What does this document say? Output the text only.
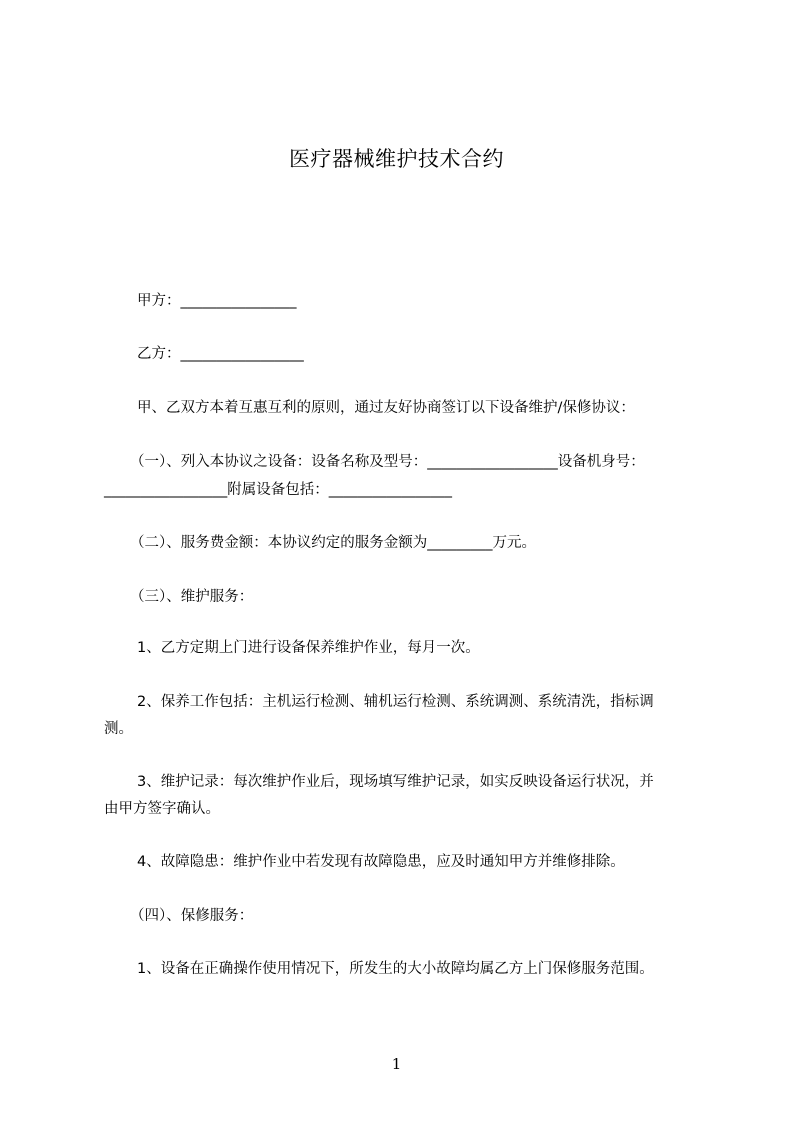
医疗器械维护技术合约
甲方：________________
乙方：_________________
甲、乙双方本着互惠互利的原则，通过友好协商签订以下设备维护/保修协议：
（一）、列入本协议之设备：设备名称及型号：__________________设备机身号：
_________________附属设备包括：_________________
（二）、服务费金额：本协议约定的服务金额为_________万元。
（三）、维护服务：
1、乙方定期上门进行设备保养维护作业，每月一次。
2、保养工作包括：主机运行检测、辅机运行检测、系统调测、系统清洗，指标调
测。
3、维护记录：每次维护作业后，现场填写维护记录，如实反映设备运行状况，并
由甲方签字确认。
4、故障隐患：维护作业中若发现有故障隐患，应及时通知甲方并维修排除。
（四）、保修服务：
1、设备在正确操作使用情况下，所发生的大小故障均属乙方上门保修服务范围。
1
